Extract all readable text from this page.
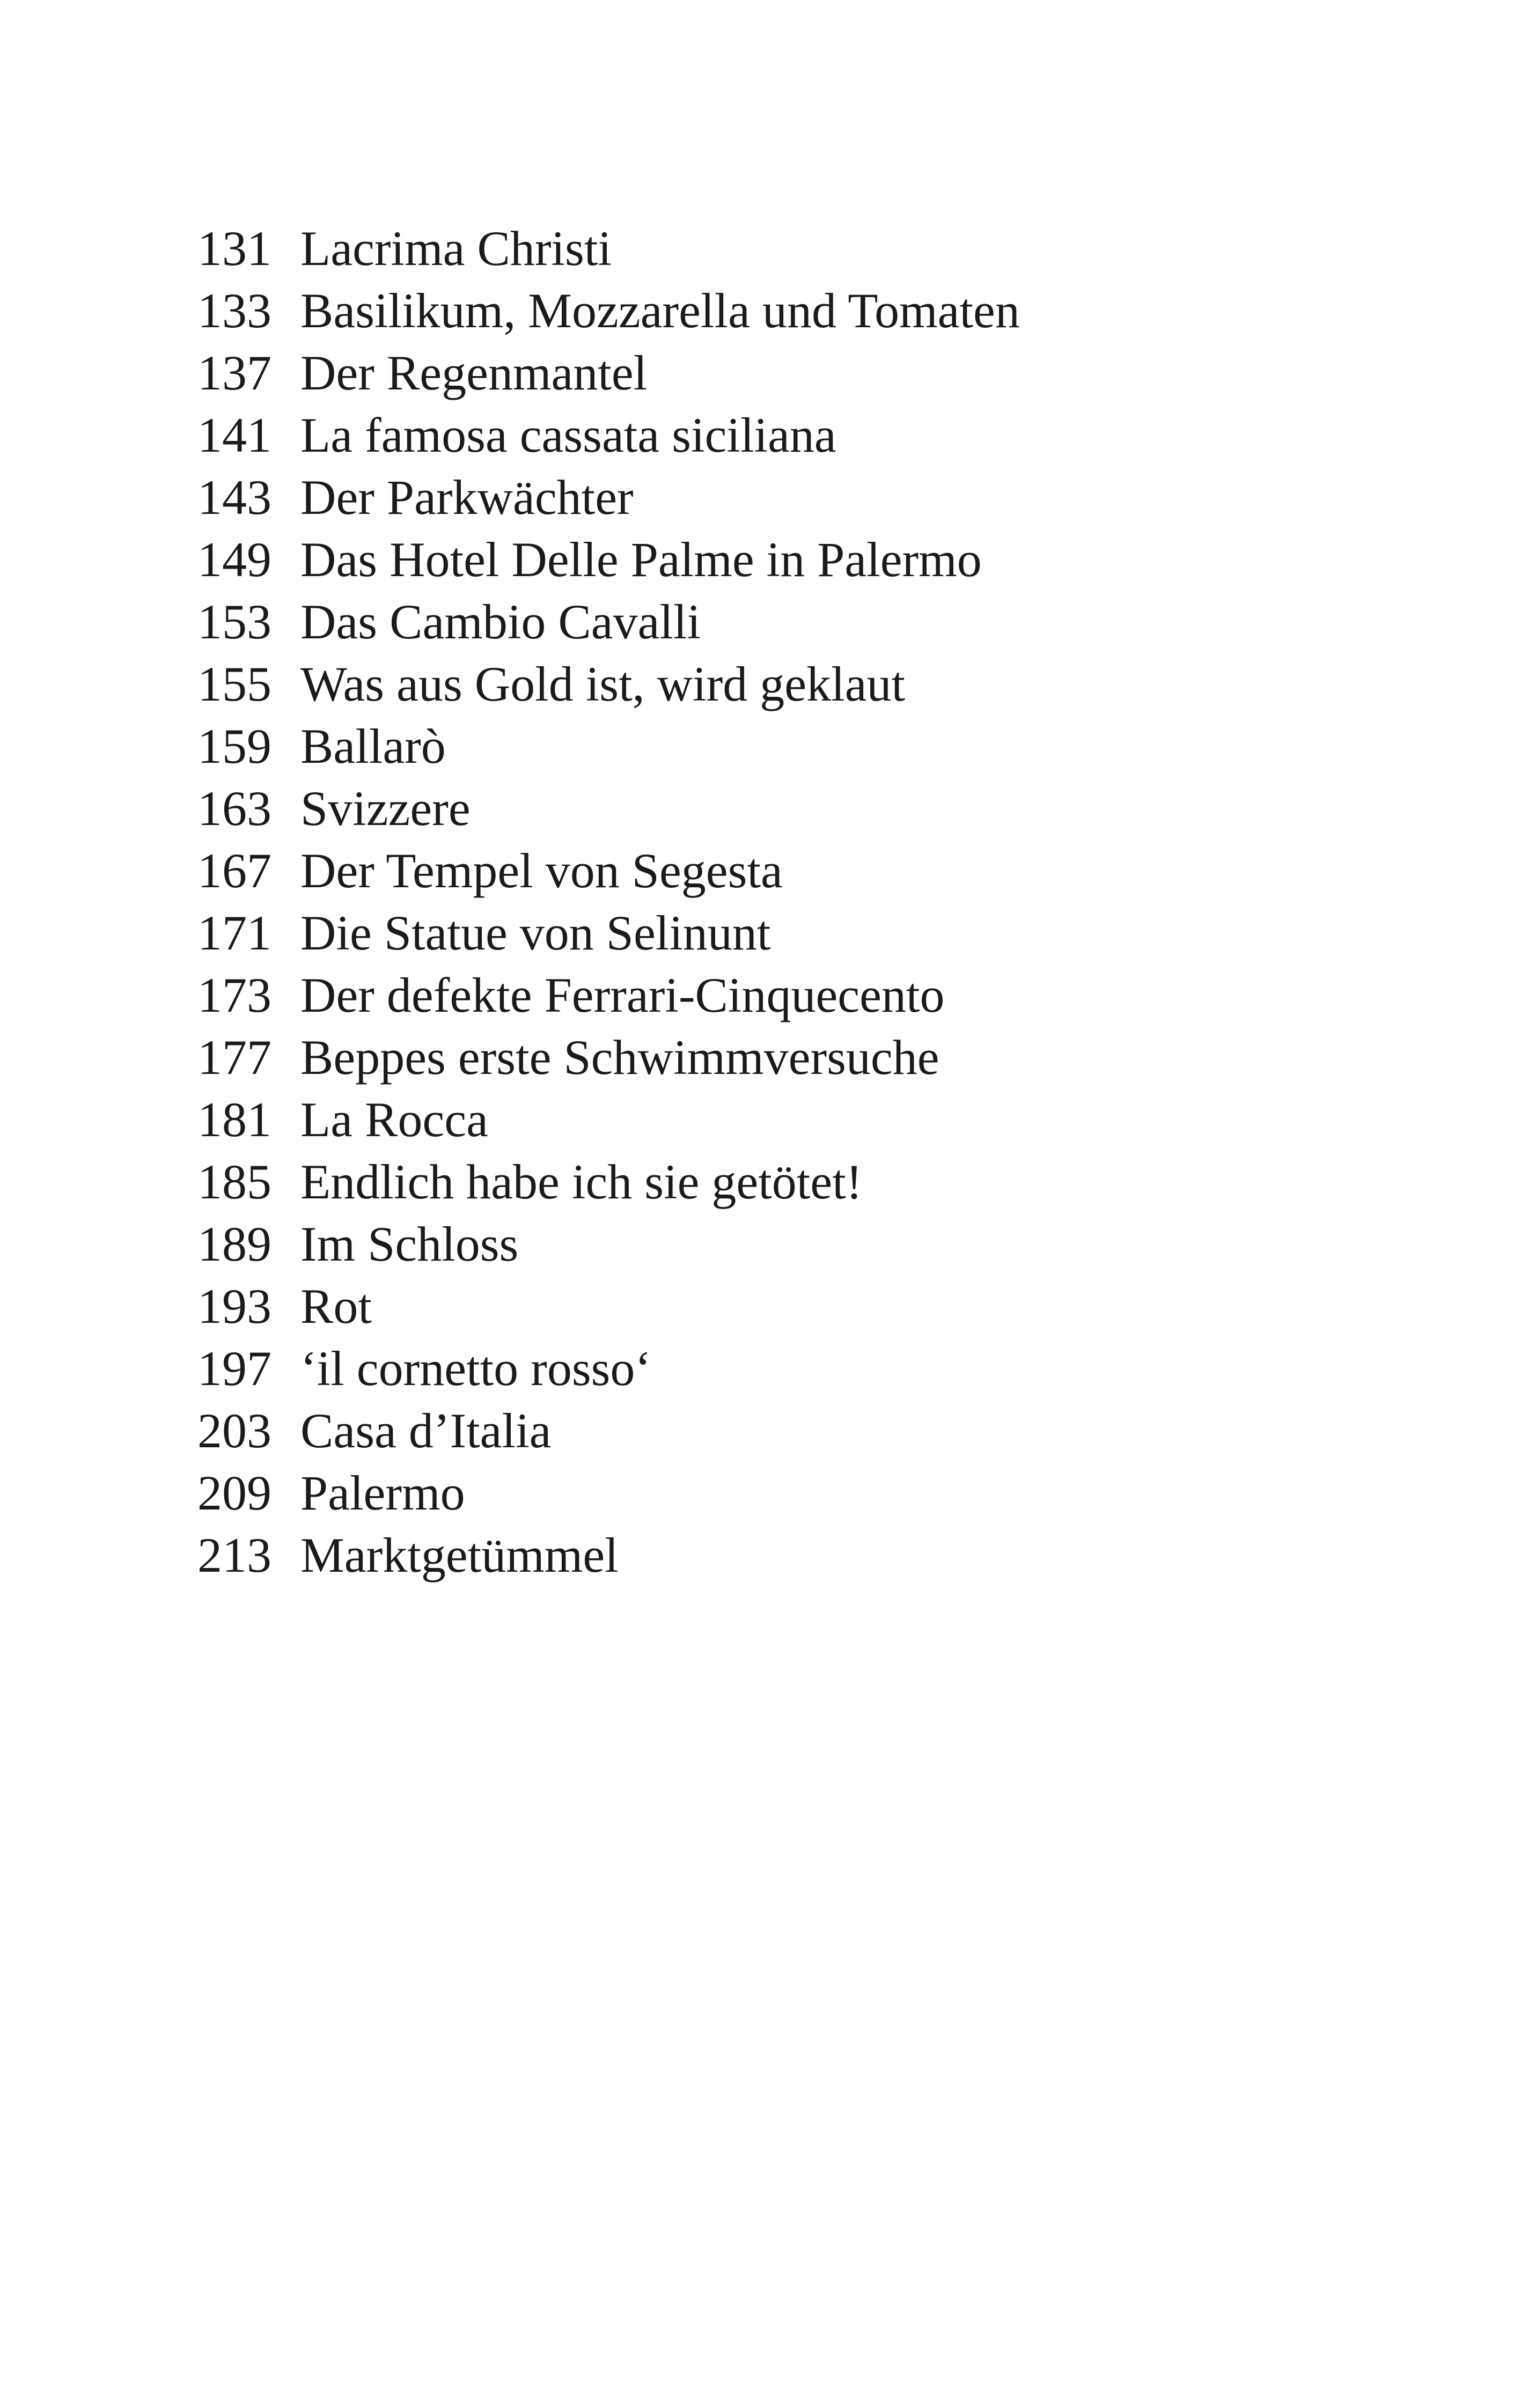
131 Lacrima Christi
133 Basilikum, Mozzarella und Tomaten
137 Der Regenmantel
141 La famosa cassata siciliana
143 Der Parkwächter
149 Das Hotel Delle Palme in Palermo
153 Das Cambio Cavalli
155 Was aus Gold ist, wird geklaut
159 Ballarò
163 Svizzere
167 Der Tempel von Segesta
171 Die Statue von Selinunt
173 Der defekte Ferrari-Cinquecento
177 Beppes erste Schwimmversuche
181 La Rocca
185 Endlich habe ich sie getötet!
189 Im Schloss
193 Rot
197 ‘il cornetto rosso‘
203 Casa d’Italia
209 Palermo
213 Marktgetümmel
